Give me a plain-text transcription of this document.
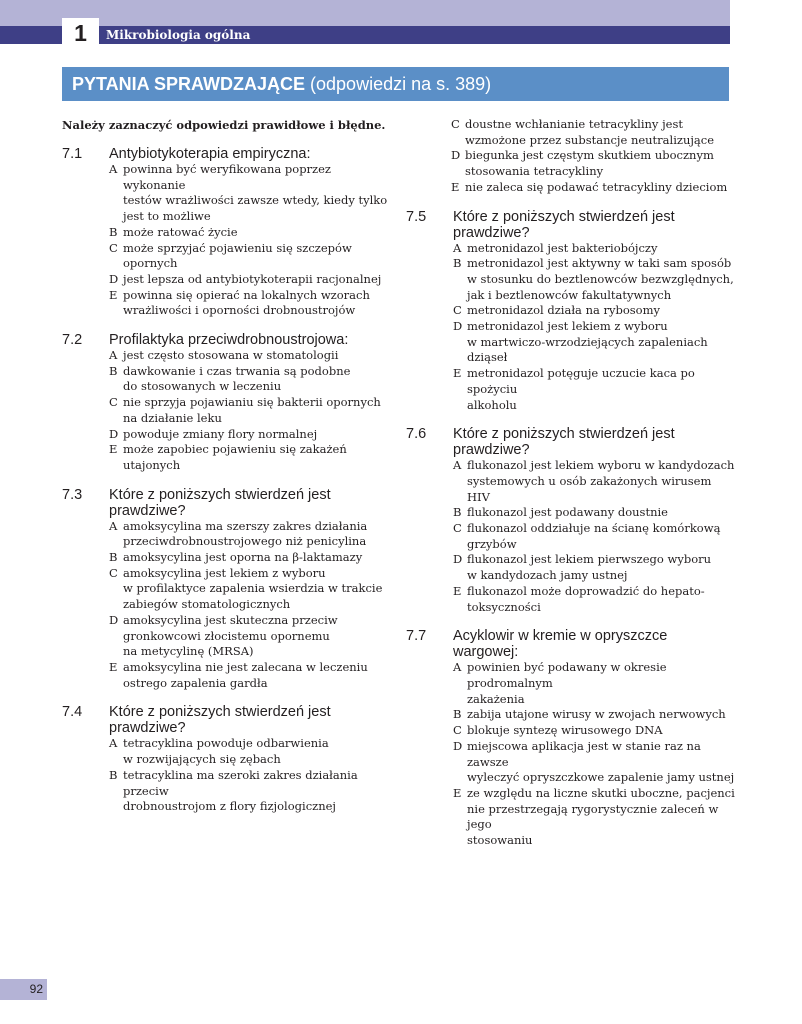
1	Mikrobiologia ogólna
PYTANIA SPRAWDZAJĄCE (odpowiedzi na s. 389)

Należy zaznaczyć odpowiedzi prawidłowe i błędne.

7.1	Antybiotykoterapia empiryczna:
A powinna być weryfikowana poprzez wykonanie
testów wrażliwości zawsze wtedy, kiedy tylko
jest to możliwe
B może ratować życie
C może sprzyjać pojawieniu się szczepów opornych
D jest lepsza od antybiotykoterapii racjonalnej
E powinna się opierać na lokalnych wzorach
wrażliwości i oporności drobnoustrojów
7.2	Profilaktyka przeciwdrobnoustrojowa:
A jest często stosowana w stomatologii
B dawkowanie i czas trwania są podobne
do stosowanych w leczeniu
C nie sprzyja pojawianiu się bakterii opornych
na działanie leku
D powoduje zmiany flory normalnej
E może zapobiec pojawieniu się zakażeń
utajonych
7.3	Które z poniższych stwierdzeń jest
prawdziwe?
A amoksycylina ma szerszy zakres działania
przeciwdrobnoustrojowego niż penicylina
B amoksycylina jest oporna na β-laktamazy
C amoksycylina jest lekiem z wyboru
w profilaktyce zapalenia wsierdzia w trakcie
zabiegów stomatologicznych
D amoksycylina jest skuteczna przeciw
gronkowcowi złocistemu opornemu
na metycylinę (MRSA)
E amoksycylina nie jest zalecana w leczeniu
ostrego zapalenia gardła
7.4	Które z poniższych stwierdzeń jest
prawdziwe?
A tetracyklina powoduje odbarwienia
w rozwijających się zębach
B tetracyklina ma szeroki zakres działania przeciw
drobnoustrojom z flory fizjologicznej
C doustne wchłanianie tetracykliny jest
wzmożone przez substancje neutralizujące
D biegunka jest częstym skutkiem ubocznym
stosowania tetracykliny
E nie zaleca się podawać tetracykliny dzieciom
7.5	Które z poniższych stwierdzeń jest
prawdziwe?
A metronidazol jest bakteriobójczy
B metronidazol jest aktywny w taki sam sposób
w stosunku do beztlenowców bezwzględnych,
jak i beztlenowców fakultatywnych
C metronidazol działa na rybosomy
D metronidazol jest lekiem z wyboru
w martwiczo-wrzodziejących zapaleniach dziąseł
E metronidazol potęguje uczucie kaca po spożyciu
alkoholu
7.6	Które z poniższych stwierdzeń jest
prawdziwe?
A flukonazol jest lekiem wyboru w kandydozach
systemowych u osób zakażonych wirusem HIV
B flukonazol jest podawany doustnie
C flukonazol oddziałuje na ścianę komórkową
grzybów
D flukonazol jest lekiem pierwszego wyboru
w kandydozach jamy ustnej
E flukonazol może doprowadzić do hepato-
toksyczności
7.7	Acyklowir w kremie w opryszczce
wargowej:
A powinien być podawany w okresie prodromalnym
zakażenia
B zabija utajone wirusy w zwojach nerwowych
C blokuje syntezę wirusowego DNA
D miejscowa aplikacja jest w stanie raz na zawsze
wyleczyć opryszczkowe zapalenie jamy ustnej
E ze względu na liczne skutki uboczne, pacjenci
nie przestrzegają rygorystycznie zaleceń w jego
stosowaniu
92
